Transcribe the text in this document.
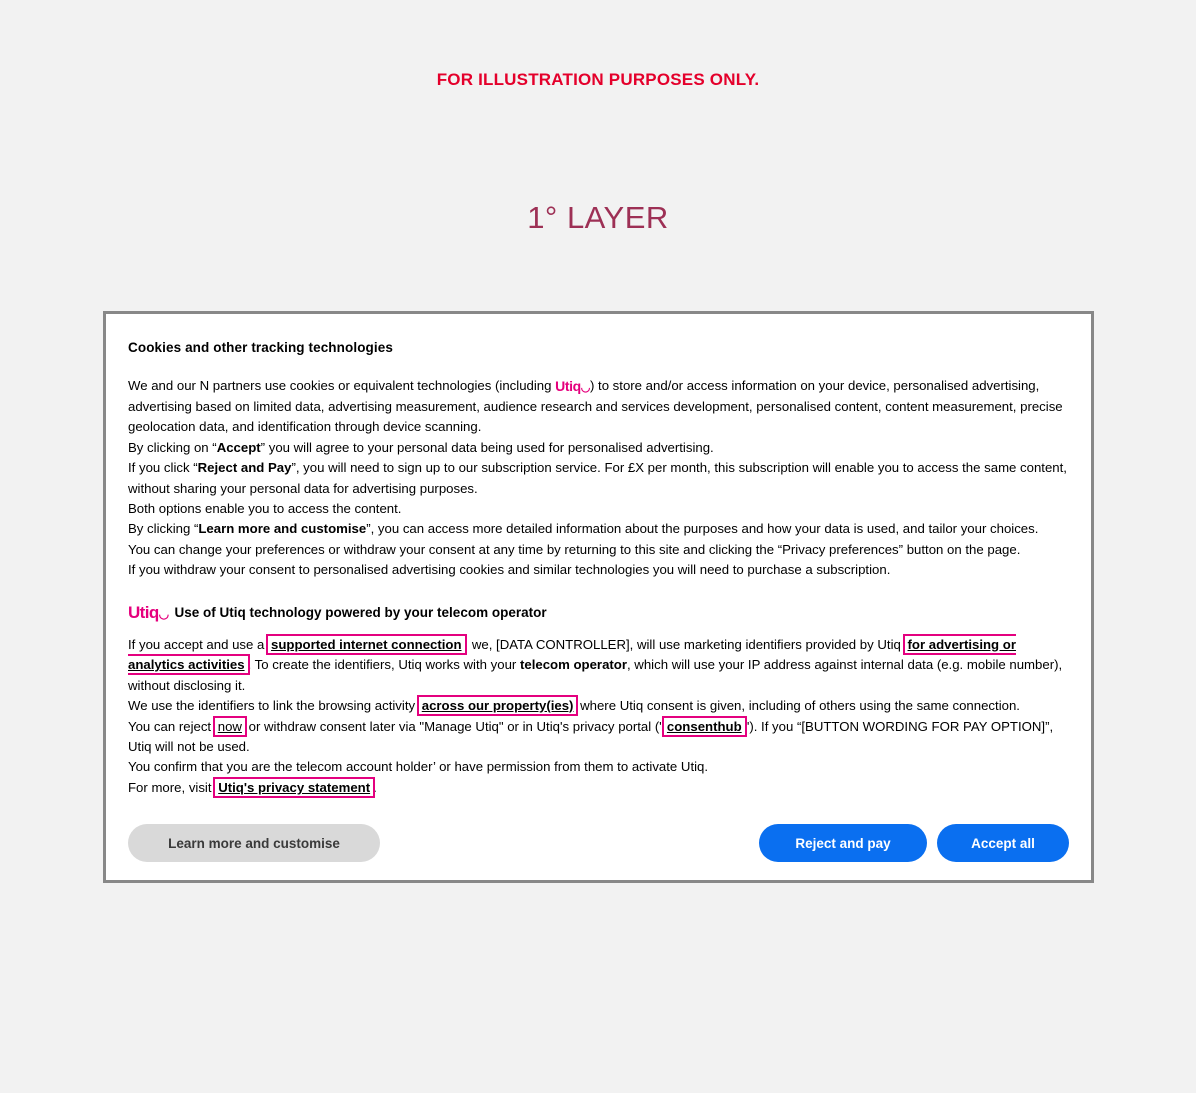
FOR ILLUSTRATION PURPOSES ONLY.
1° LAYER
Cookies and other tracking technologies

We and our N partners use cookies or equivalent technologies (including Utiq◡) to store and/or access information on your device, personalised advertising, advertising based on limited data, advertising measurement, audience research and services development, personalised content, content measurement, precise geolocation data, and identification through device scanning.

By clicking on “Accept” you will agree to your personal data being used for personalised advertising.

If you click “Reject and Pay”, you will need to sign up to our subscription service. For £X per month, this subscription will enable you to access the same content, without sharing your personal data for advertising purposes.

Both options enable you to access the content.

By clicking “Learn more and customise”, you can access more detailed information about the purposes and how your data is used, and tailor your choices.

You can change your preferences or withdraw your consent at any time by returning to this site and clicking the “Privacy preferences” button on the page.

If you withdraw your consent to personalised advertising cookies and similar technologies you will need to purchase a subscription.

Utiq◡ Use of Utiq technology powered by your telecom operator

If you accept and use a supported internet connection , we, [DATA CONTROLLER], will use marketing identifiers provided by Utiq for advertising or analytics activities . To create the identifiers, Utiq works with your telecom operator, which will use your IP address against internal data (e.g. mobile number), without disclosing it.

We use the identifiers to link the browsing activity across our property(ies) where Utiq consent is given, including of others using the same connection.

You can reject now or withdraw consent later via "Manage Utiq" or in Utiq's privacy portal (" consenthub "). If you “[BUTTON WORDING FOR PAY OPTION]”, Utiq will not be used.

You confirm that you are the telecom account holder’ or have permission from them to activate Utiq.

For more, visit Utiq's privacy statement .

Learn more and customise	Reject and pay	Accept all
